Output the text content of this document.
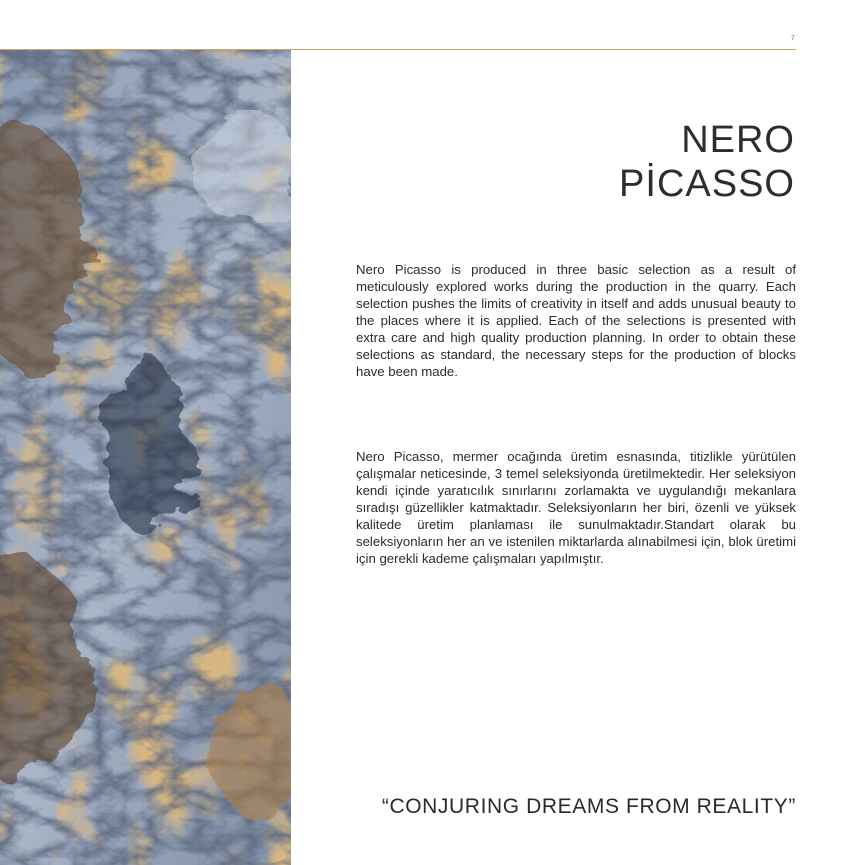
7
NERO
PİCASSO

Nero Picasso is produced in three basic selection as a result of meticulously explored works during the production in the quarry. Each selection pushes the limits of creativity in itself and adds unusual beauty to the places where it is applied. Each of the selections is presented with extra care and high quality production planning. In order to obtain these selections as standard, the necessary steps for the production of blocks have been made.

Nero Picasso, mermer ocağında üretim esnasında, titizlikle yürütülen çalışmalar neticesinde, 3 temel seleksiyonda üretilmektedir. Her seleksiyon kendi içinde yaratıcılık sınırlarını zorlamakta ve uygulandığı mekanlara sıradışı güzellikler katmaktadır. Seleksiyonların her biri, özenli ve yüksek kalitede üretim planlaması ile sunulmaktadır.Standart olarak bu seleksiyonların her an ve istenilen miktarlarda alınabilmesi için, blok üretimi için gerekli kademe çalışmaları yapılmıştır.

“CONJURING DREAMS FROM REALITY”
